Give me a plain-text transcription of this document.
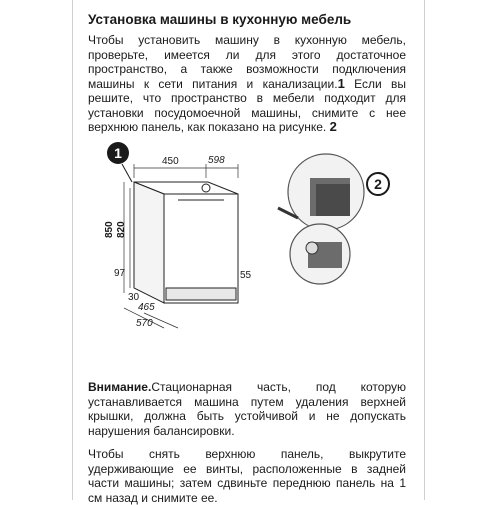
Установка машины в кухонную мебель
Чтобы установить машину в кухонную мебель, проверьте, имеется ли для этого достаточное пространство, а также возможности подключения машины к сети питания и канализации.1 Если вы решите, что пространство в мебели подходит для установки посудомоечной машины, снимите с нее верхнюю панель, как показано на рисунке. 2
1
450	598
850 820
97
30
465
570
55
2
Внимание.Стационарная часть, под которую устанавливается машина путем удаления верхней крышки, должна быть устойчивой и не допускать нарушения балансировки.
Чтобы снять верхнюю панель, выкрутите удерживающие ее винты, расположенные в задней части машины; затем сдвиньте переднюю панель на 1 см назад и снимите ее.
